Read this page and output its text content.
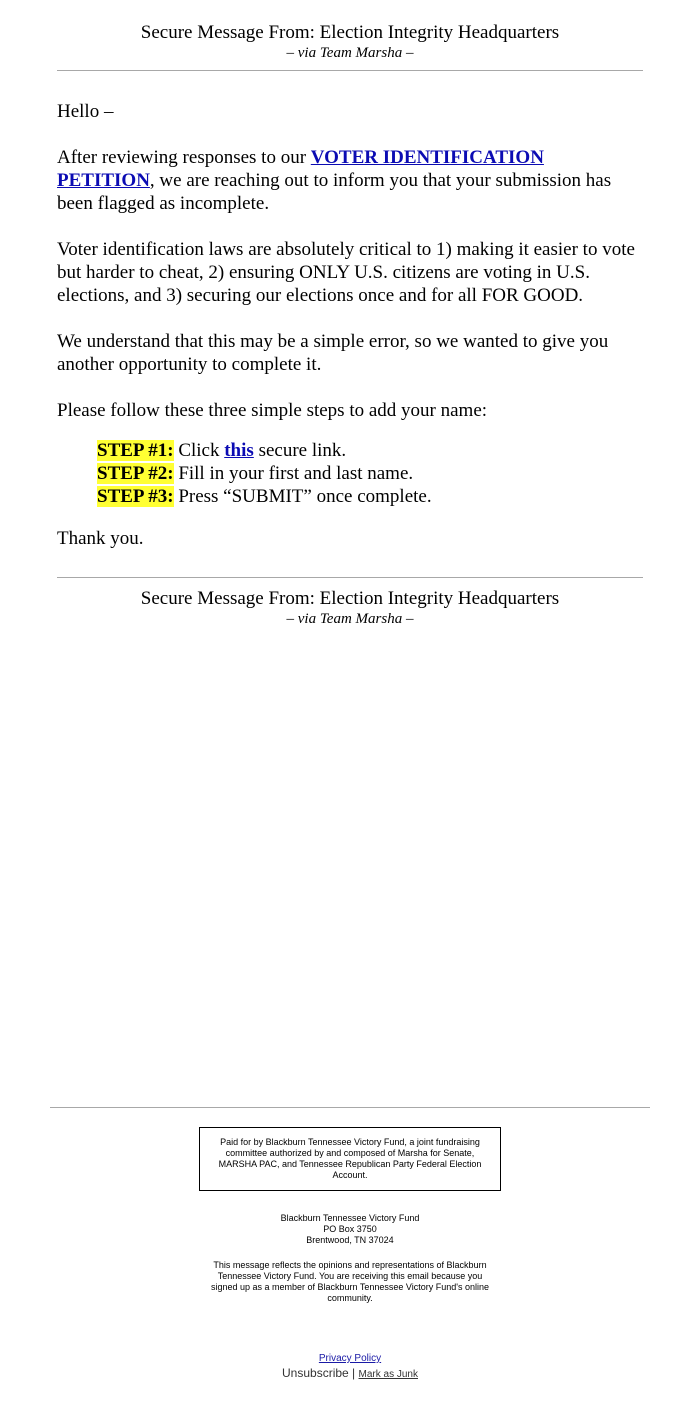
Secure Message From: Election Integrity Headquarters
– via Team Marsha –

Hello –

After reviewing responses to our VOTER IDENTIFICATION PETITION, we are reaching out to inform you that your submission has been flagged as incomplete.

Voter identification laws are absolutely critical to 1) making it easier to vote but harder to cheat, 2) ensuring ONLY U.S. citizens are voting in U.S. elections, and 3) securing our elections once and for all FOR GOOD.

We understand that this may be a simple error, so we wanted to give you another opportunity to complete it.

Please follow these three simple steps to add your name:

STEP #1: Click this secure link.

STEP #2: Fill in your first and last name.

STEP #3: Press “SUBMIT” once complete.

Thank you.

Secure Message From: Election Integrity Headquarters
– via Team Marsha –
Paid for by Blackburn Tennessee Victory Fund, a joint fundraising committee authorized by and composed of Marsha for Senate, MARSHA PAC, and Tennessee Republican Party Federal Election Account.
Blackburn Tennessee Victory Fund
PO Box 3750
Brentwood, TN 37024
This message reflects the opinions and representations of Blackburn Tennessee Victory Fund. You are receiving this email because you signed up as a member of Blackburn Tennessee Victory Fund's online community.
Privacy Policy
Unsubscribe | Mark as Junk
